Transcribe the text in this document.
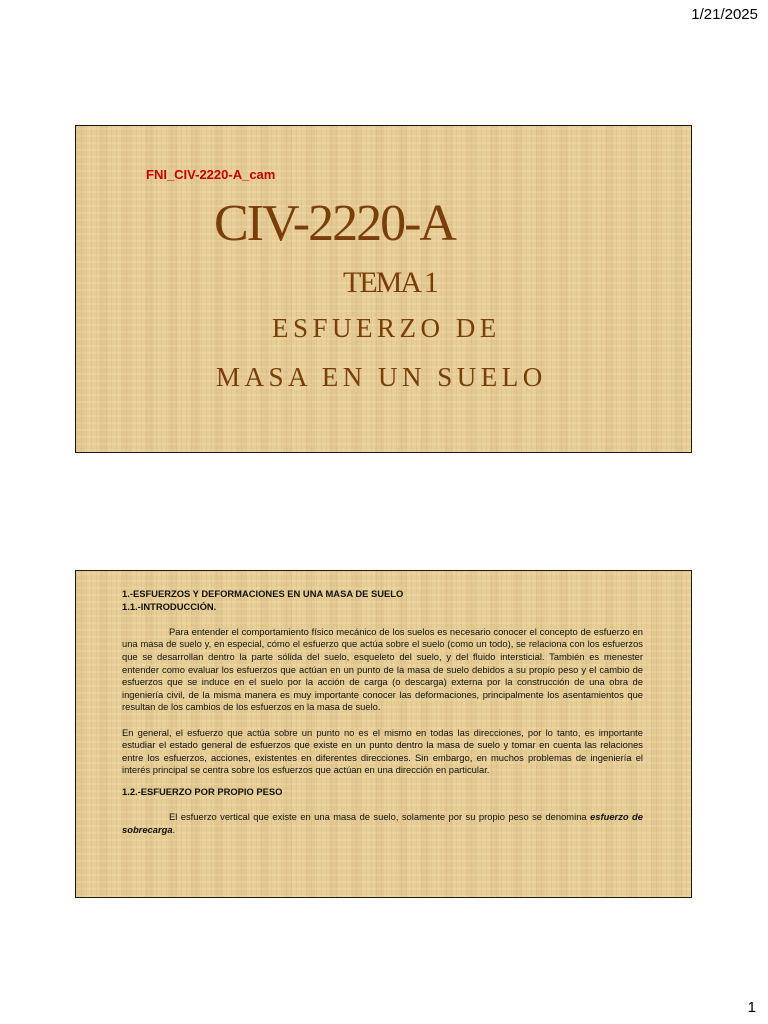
1/21/2025
FNI_CIV-2220-A_cam
CIV-2220-A
TEMA 1
ESFUERZO DE
MASA EN UN SUELO
1.-ESFUERZOS Y DEFORMACIONES EN UNA MASA DE SUELO
1.1.-INTRODUCCIÓN.

Para entender el comportamiento físico mecánico de los suelos es necesario conocer el concepto de esfuerzo en una masa de suelo y, en especial, cómo el esfuerzo que actúa sobre el suelo (como un todo), se relaciona con los esfuerzos que se desarrollan dentro la parte sólida del suelo, esqueleto del suelo, y del fluido intersticial. También es menester entender como evaluar los esfuerzos que actúan en un punto de la masa de suelo debidos a su propio peso y el cambio de esfuerzos que se induce en el suelo por la acción de carga (o descarga) externa por la construcción de una obra de ingeniería civil, de la misma manera es muy importante conocer las deformaciones, principalmente los asentamientos que resultan de los cambios de los esfuerzos en la masa de suelo.

En general, el esfuerzo que actúa sobre un punto no es el mismo en todas las direcciones, por lo tanto, es importante estudiar el estado general de esfuerzos que existe en un punto dentro la masa de suelo y tomar en cuenta las relaciones entre los esfuerzos, acciones, existentes en diferentes direcciones. Sin embargo, en muchos problemas de ingeniería el interés principal se centra sobre los esfuerzos que actúan en una dirección en particular.

1.2.-ESFUERZO POR PROPIO PESO

El esfuerzo vertical que existe en una masa de suelo, solamente por su propio peso se denomina esfuerzo de sobrecarga.

1
